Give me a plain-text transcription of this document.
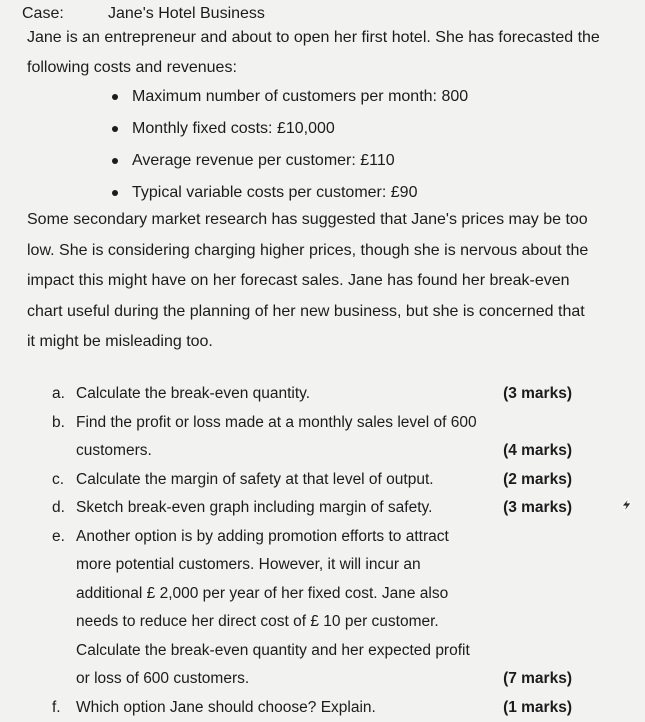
Case:	Jane's Hotel Business
Jane is an entrepreneur and about to open her first hotel. She has forecasted the following costs and revenues:
Maximum number of customers per month: 800
Monthly fixed costs: £10,000
Average revenue per customer: £110
Typical variable costs per customer: £90
Some secondary market research has suggested that Jane's prices may be too low. She is considering charging higher prices, though she is nervous about the impact this might have on her forecast sales. Jane has found her break-even chart useful during the planning of her new business, but she is concerned that it might be misleading too.
a. Calculate the break-even quantity.	(3 marks)
b. Find the profit or loss made at a monthly sales level of 600 customers.	(4 marks)
c. Calculate the margin of safety at that level of output.	(2 marks)
d. Sketch break-even graph including margin of safety.	(3 marks)
e. Another option is by adding promotion efforts to attract more potential customers. However, it will incur an additional £ 2,000 per year of her fixed cost. Jane also needs to reduce her direct cost of £ 10 per customer. Calculate the break-even quantity and her expected profit or loss of 600 customers.	(7 marks)
f. Which option Jane should choose? Explain.	(1 marks)
